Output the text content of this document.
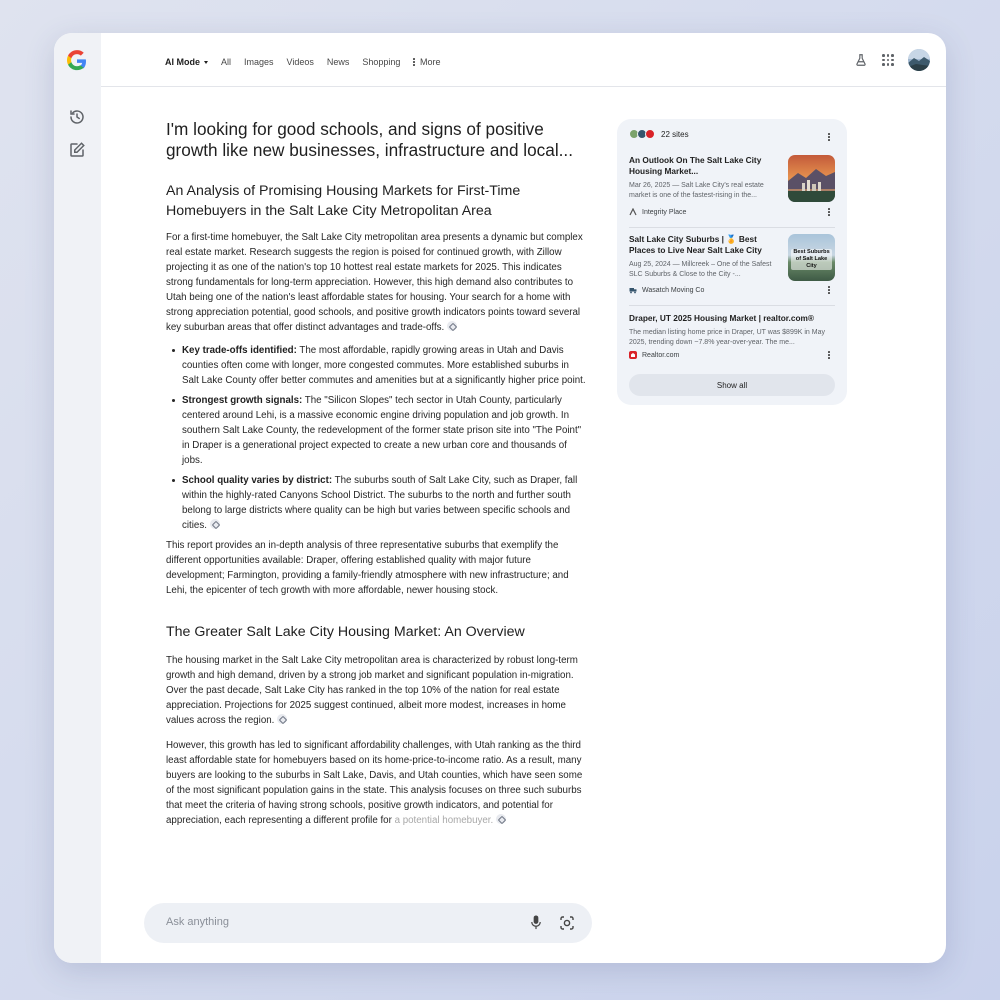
AI Mode All Images Videos News Shopping More
I'm looking for good schools, and signs of positive growth like new businesses, infrastructure and local...
An Analysis of Promising Housing Markets for First-Time Homebuyers in the Salt Lake City Metropolitan Area

For a first-time homebuyer, the Salt Lake City metropolitan area presents a dynamic but complex real estate market. Research suggests the region is poised for continued growth, with Zillow projecting it as one of the nation's top 10 hottest real estate markets for 2025. This indicates strong fundamentals for long-term appreciation. However, this high demand also contributes to Utah being one of the nation's least affordable states for housing. Your search for a home with strong appreciation potential, good schools, and positive growth indicators points toward several key suburban areas that offer distinct advantages and trade-offs.

Key trade-offs identified: The most affordable, rapidly growing areas in Utah and Davis counties often come with longer, more congested commutes. More established suburbs in Salt Lake County offer better commutes and amenities but at a significantly higher price point.
Strongest growth signals: The "Silicon Slopes" tech sector in Utah County, particularly centered around Lehi, is a massive economic engine driving population and job growth. In southern Salt Lake County, the redevelopment of the former state prison site into "The Point" in Draper is a generational project expected to create a new urban core and thousands of jobs.
School quality varies by district: The suburbs south of Salt Lake City, such as Draper, fall within the highly-rated Canyons School District. The suburbs to the north and further south belong to large districts where quality can be high but varies between specific schools and cities.

This report provides an in-depth analysis of three representative suburbs that exemplify the different opportunities available: Draper, offering established quality with major future development; Farmington, providing a family-friendly atmosphere with new infrastructure; and Lehi, the epicenter of tech growth with more affordable, newer housing stock.

The Greater Salt Lake City Housing Market: An Overview

The housing market in the Salt Lake City metropolitan area is characterized by robust long-term growth and high demand, driven by a strong job market and significant population in-migration. Over the past decade, Salt Lake City has ranked in the top 10% of the nation for real estate appreciation. Projections for 2025 suggest continued, albeit more modest, increases in home values across the region.

However, this growth has led to significant affordability challenges, with Utah ranking as the third least affordable state for homebuyers based on its home-price-to-income ratio. As a result, many buyers are looking to the suburbs in Salt Lake, Davis, and Utah counties, which have seen some of the most significant population gains in the state. This analysis focuses on three such suburbs that meet the criteria of having strong schools, positive growth indicators, and potential for appreciation, each representing a different profile for a potential homebuyer.

Ask anything
22 sites
An Outlook On The Salt Lake City Housing Market...
Mar 26, 2025 — Salt Lake City's real estate market is one of the fastest-rising in the...
Integrity Place
Salt Lake City Suburbs | 🏅 Best Places to Live Near Salt Lake City
Aug 25, 2024 — Millcreek – One of the Safest SLC Suburbs & Close to the City -...
Best Suburbs of Salt Lake City
Wasatch Moving Co
Draper, UT 2025 Housing Market | realtor.com®
The median listing home price in Draper, UT was $899K in May 2025, trending down ~7.8% year-over-year. The me...
Realtor.com
Show all
